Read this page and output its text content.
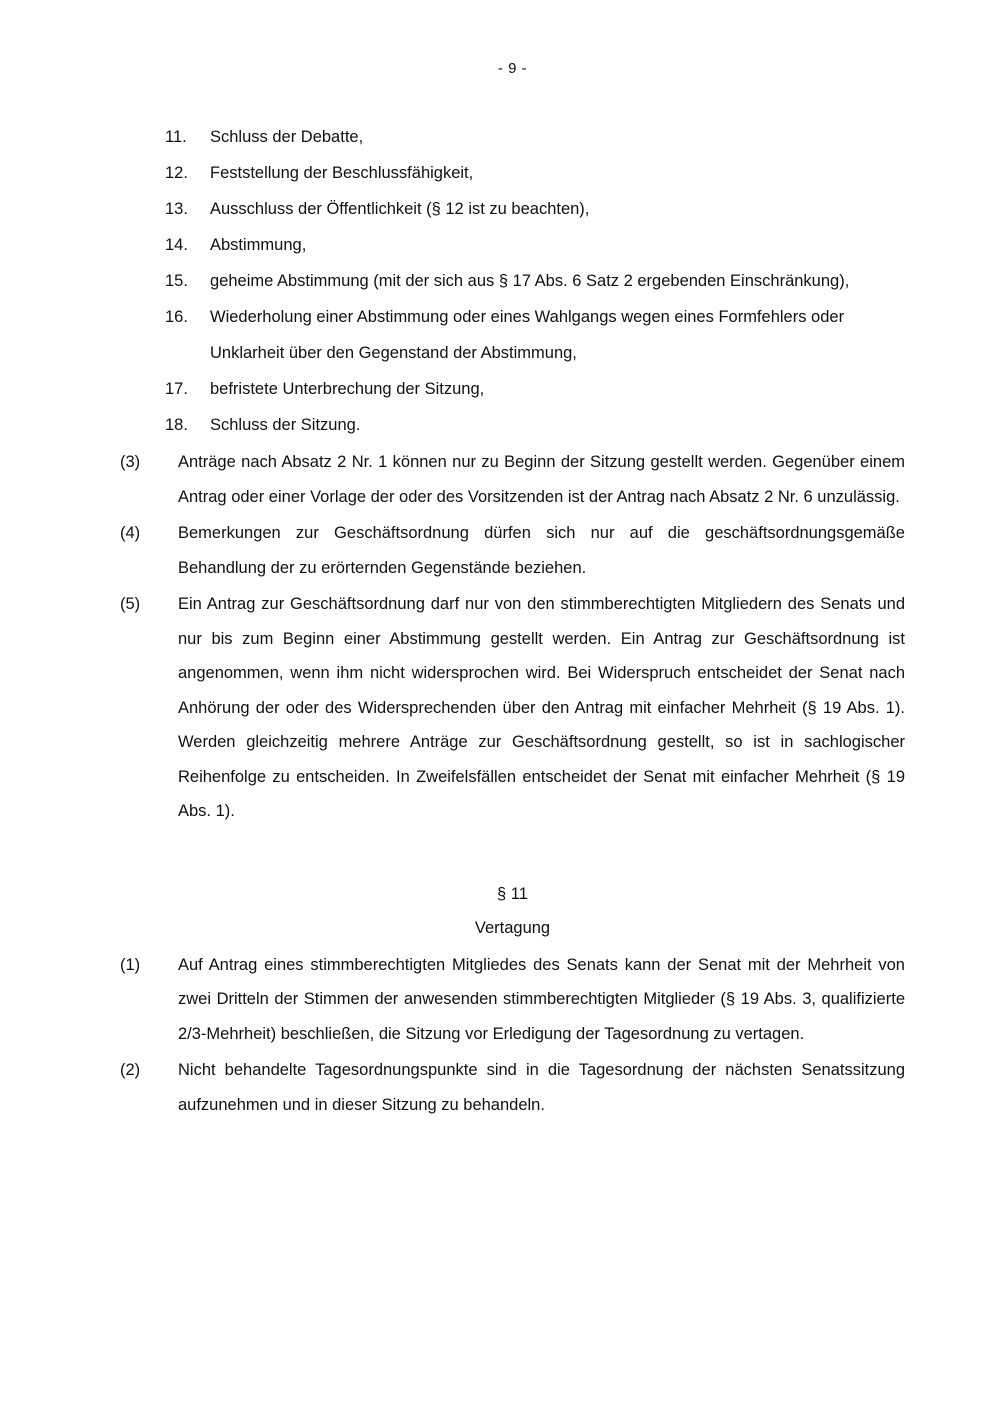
- 9 -
11.	Schluss der Debatte,
12.	Feststellung der Beschlussfähigkeit,
13.	Ausschluss der Öffentlichkeit (§ 12 ist zu beachten),
14.	Abstimmung,
15.	geheime Abstimmung (mit der sich aus § 17 Abs. 6 Satz 2 ergebenden Einschränkung),
16.	Wiederholung einer Abstimmung oder eines Wahlgangs wegen eines Formfehlers oder Unklarheit über den Gegenstand der Abstimmung,
17.	befristete Unterbrechung der Sitzung,
18.	Schluss der Sitzung.
(3)	Anträge nach Absatz 2 Nr. 1 können nur zu Beginn der Sitzung gestellt werden. Gegenüber einem Antrag oder einer Vorlage der oder des Vorsitzenden ist der Antrag nach Absatz 2 Nr. 6 unzulässig.
(4)	Bemerkungen zur Geschäftsordnung dürfen sich nur auf die geschäftsordnungsgemäße Behandlung der zu erörternden Gegenstände beziehen.
(5)	Ein Antrag zur Geschäftsordnung darf nur von den stimmberechtigten Mitgliedern des Senats und nur bis zum Beginn einer Abstimmung gestellt werden. Ein Antrag zur Geschäftsordnung ist angenommen, wenn ihm nicht widersprochen wird. Bei Widerspruch entscheidet der Senat nach Anhörung der oder des Widersprechenden über den Antrag mit einfacher Mehrheit (§ 19 Abs. 1). Werden gleichzeitig mehrere Anträge zur Geschäftsordnung gestellt, so ist in sachlogischer Reihenfolge zu entscheiden. In Zweifelsfällen entscheidet der Senat mit einfacher Mehrheit (§ 19 Abs. 1).
§ 11
Vertagung
(1)	Auf Antrag eines stimmberechtigten Mitgliedes des Senats kann der Senat mit der Mehrheit von zwei Dritteln der Stimmen der anwesenden stimmberechtigten Mitglieder (§ 19 Abs. 3, qualifizierte 2/3-Mehrheit) beschließen, die Sitzung vor Erledigung der Tagesordnung zu vertagen.
(2)	Nicht behandelte Tagesordnungspunkte sind in die Tagesordnung der nächsten Senatssitzung aufzunehmen und in dieser Sitzung zu behandeln.
